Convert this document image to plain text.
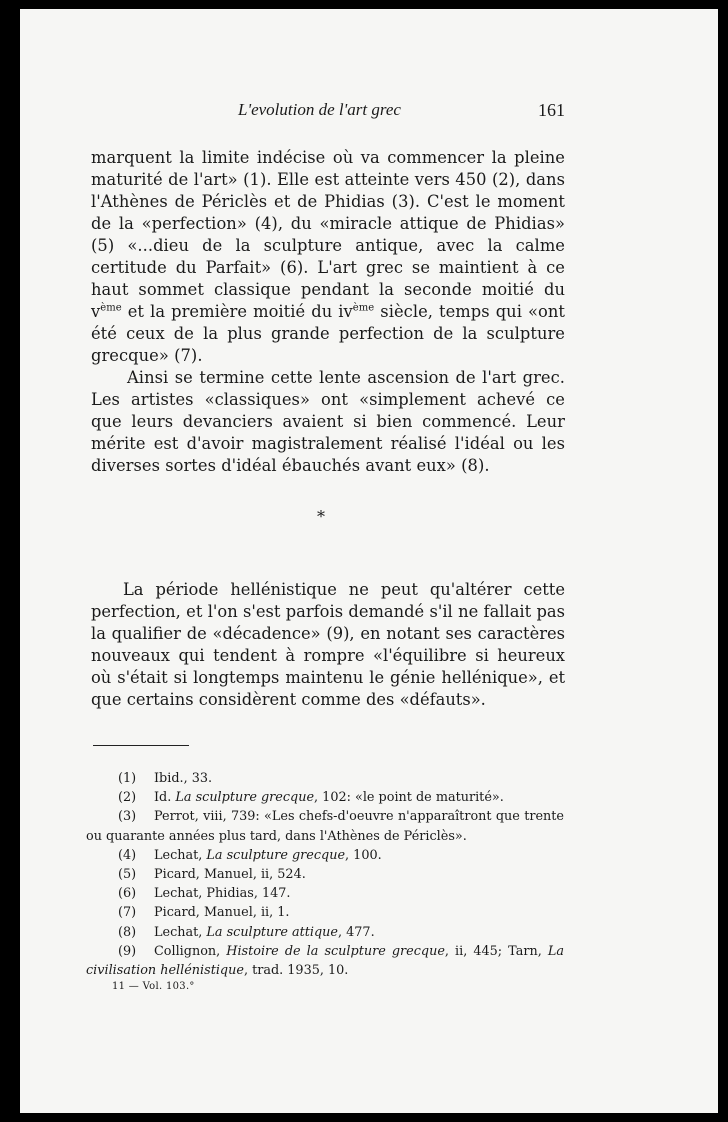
L'evolution de l'art grec	161

marquent la limite indécise où va commencer la pleine maturité de l'art» (1). Elle est atteinte vers 450 (2), dans l'Athènes de Périclès et de Phidias (3). C'est le moment de la «perfection» (4), du «miracle attique de Phidias» (5) «...dieu de la sculpture antique, avec la calme certitude du Parfait» (6). L'art grec se maintient à ce haut sommet classique pendant la seconde moitié du v$^{ème}$ et la première moitié du iv$^{ème}$ siècle, temps qui «ont été ceux de la plus grande perfection de la sculpture grecque» (7).

Ainsi se termine cette lente ascension de l'art grec. Les artistes «classiques» ont «simplement achevé ce que leurs devanciers avaient si bien commencé. Leur mérite est d'avoir magistralement réalisé l'idéal ou les diverses sortes d'idéal ébauchés avant eux» (8).

*

La période hellénistique ne peut qu'altérer cette perfection, et l'on s'est parfois demandé s'il ne fallait pas la qualifier de «décadence» (9), en notant ses caractères nouveaux qui tendent à rompre «l'équilibre si heureux où s'était si longtemps maintenu le génie hellénique», et que certains considèrent comme des «défauts».

(1) Ibid., 33.

(2) Id. La sculpture grecque, 102: «le point de maturité».

(3) Perrot, viii, 739: «Les chefs-d'oeuvre n'apparaîtront que trente ou quarante années plus tard, dans l'Athènes de Périclès».

(4) Lechat, La sculpture grecque, 100.

(5) Picard, Manuel, ii, 524.

(6) Lechat, Phidias, 147.

(7) Picard, Manuel, ii, 1.

(8) Lechat, La sculpture attique, 477.

(9) Collignon, Histoire de la sculpture grecque, ii, 445; Tarn, La civilisation hellénistique, trad. 1935, 10.

11 — Vol. 103.°
